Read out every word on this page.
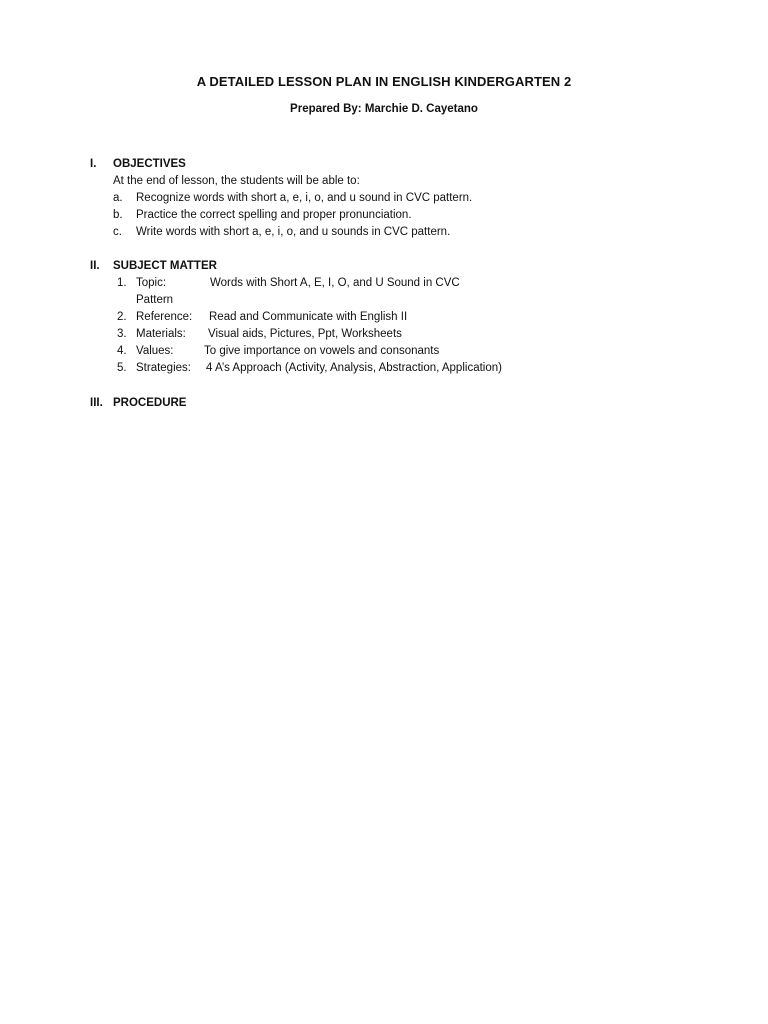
A DETAILED LESSON PLAN IN ENGLISH KINDERGARTEN 2
Prepared By: Marchie D. Cayetano
I. OBJECTIVES
At the end of lesson, the students will be able to:
a. Recognize words with short a, e, i, o, and u sound in CVC pattern.
b. Practice the correct spelling and proper pronunciation.
c. Write words with short a, e, i, o, and u sounds in CVC pattern.
II. SUBJECT MATTER
1. Topic:	Words with Short A, E, I, O, and U Sound in CVC
Pattern
2. Reference: Read and Communicate with English II
3. Materials: Visual aids, Pictures, Ppt, Worksheets
4. Values:	To give importance on vowels and consonants
5. Strategies: 4 A’s Approach (Activity, Analysis, Abstraction, Application)
III. PROCEDURE
